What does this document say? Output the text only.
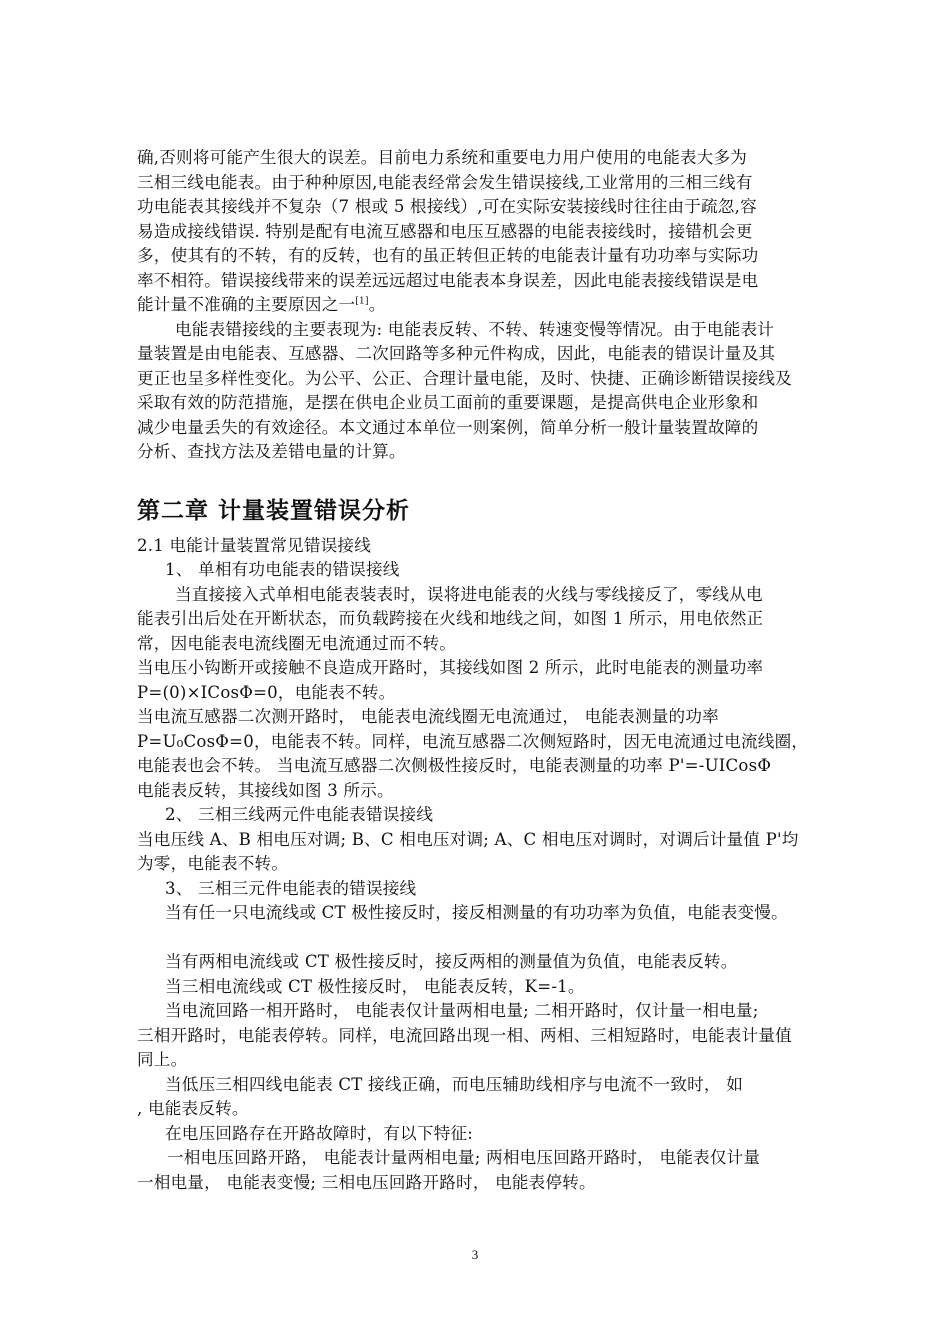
确,否则将可能产生很大的误差。目前电力系统和重要电力用户使用的电能表大多为
三相三线电能表。由于种种原因,电能表经常会发生错误接线,工业常用的三相三线有
功电能表其接线并不复杂（7 根或 5 根接线）,可在实际安装接线时往往由于疏忽,容
易造成接线错误. 特别是配有电流互感器和电压互感器的电能表接线时，接错机会更
多，使其有的不转，有的反转，也有的虽正转但正转的电能表计量有功功率与实际功
率不相符。错误接线带来的误差远远超过电能表本身误差，因此电能表接线错误是电
能计量不准确的主要原因之一[1]。
电能表错接线的主要表现为: 电能表反转、不转、转速变慢等情况。由于电能表计
量装置是由电能表、互感器、二次回路等多种元件构成，因此，电能表的错误计量及其
更正也呈多样性变化。为公平、公正、合理计量电能，及时、快捷、正确诊断错误接线及
采取有效的防范措施，是摆在供电企业员工面前的重要课题，是提高供电企业形象和
减少电量丢失的有效途径。本文通过本单位一则案例，简单分析一般计量装置故障的
分析、查找方法及差错电量的计算。
第二章 计量装置错误分析
2.1 电能计量装置常见错误接线
1、 单相有功电能表的错误接线
当直接接入式单相电能表装表时，误将进电能表的火线与零线接反了，零线从电
能表引出后处在开断状态，而负载跨接在火线和地线之间，如图 1 所示，用电依然正
常，因电能表电流线圈无电流通过而不转。
当电压小钩断开或接触不良造成开路时，其接线如图 2 所示，此时电能表的测量功率
P=(0)×ICosΦ=0，电能表不转。
当电流互感器二次测开路时， 电能表电流线圈无电流通过， 电能表测量的功率
P=U₀CosΦ=0，电能表不转。同样，电流互感器二次侧短路时，因无电流通过电流线圈，
电能表也会不转。 当电流互感器二次侧极性接反时，电能表测量的功率 P'=-UICosΦ
电能表反转，其接线如图 3 所示。
2、 三相三线两元件电能表错误接线
当电压线 A、B 相电压对调; B、C 相电压对调; A、C 相电压对调时，对调后计量值 P'均
为零，电能表不转。
3、 三相三元件电能表的错误接线
当有任一只电流线或 CT 极性接反时，接反相测量的有功功率为负值，电能表变慢。
当有两相电流线或 CT 极性接反时，接反两相的测量值为负值，电能表反转。
当三相电流线或 CT 极性接反时， 电能表反转，K=-1。
当电流回路一相开路时， 电能表仅计量两相电量; 二相开路时，仅计量一相电量;
三相开路时，电能表停转。同样，电流回路出现一相、两相、三相短路时，电能表计量值
同上。
当低压三相四线电能表 CT 接线正确，而电压辅助线相序与电流不一致时， 如
, 电能表反转。
在电压回路存在开路故障时，有以下特征:
一相电压回路开路， 电能表计量两相电量; 两相电压回路开路时， 电能表仅计量
一相电量， 电能表变慢; 三相电压回路开路时， 电能表停转。
3
